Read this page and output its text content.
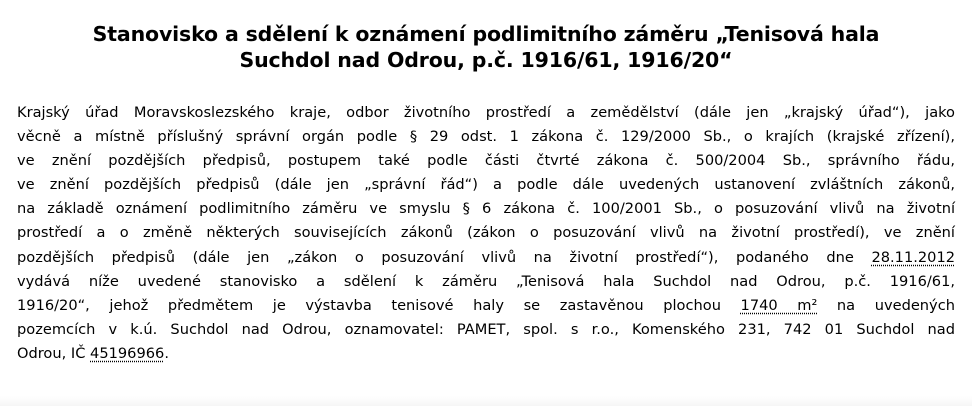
Stanovisko a sdělení k oznámení podlimitního záměru „Tenisová hala
Suchdol nad Odrou, p.č. 1916/61, 1916/20“

Krajský úřad Moravskoslezského kraje, odbor životního prostředí a zemědělství (dále jen „krajský úřad“), jako
věcně a místně příslušný správní orgán podle § 29 odst. 1 zákona č. 129/2000 Sb., o krajích (krajské zřízení),
ve znění pozdějších předpisů, postupem také podle části čtvrté zákona č. 500/2004 Sb., správního řádu,
ve znění pozdějších předpisů (dále jen „správní řád“) a podle dále uvedených ustanovení zvláštních zákonů,
na základě oznámení podlimitního záměru ve smyslu § 6 zákona č. 100/2001 Sb., o posuzování vlivů na životní
prostředí a o změně některých souvisejících zákonů (zákon o posuzování vlivů na životní prostředí), ve znění
pozdějších předpisů (dále jen „zákon o posuzování vlivů na životní prostředí“), podaného dne 28.11.2012
vydává níže uvedené stanovisko a sdělení k záměru „Tenisová hala Suchdol nad Odrou, p.č. 1916/61,
1916/20“, jehož předmětem je výstavba tenisové haly se zastavěnou plochou 1740 m² na uvedených
pozemcích v k.ú. Suchdol nad Odrou, oznamovatel: PAMET, spol. s r.o., Komenského 231, 742 01 Suchdol nad
Odrou, IČ 45196966.
